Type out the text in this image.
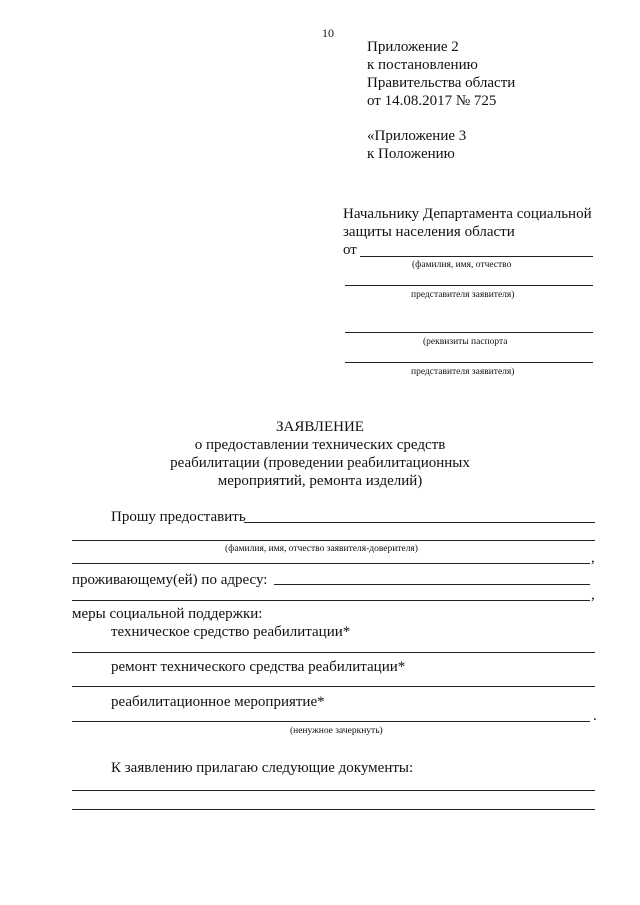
10
Приложение 2
к постановлению
Правительства области
от 14.08.2017 № 725
«Приложение 3
к Положению
Начальнику Департамента социальной
защиты населения области
от
(фамилия, имя, отчество
представителя заявителя)
(реквизиты паспорта
представителя заявителя)
ЗАЯВЛЕНИЕ
о предоставлении технических средств
реабилитации (проведении реабилитационных
мероприятий, ремонта изделий)
Прошу предоставить
(фамилия, имя, отчество заявителя-доверителя)
,
проживающему(ей) по адресу:
,
меры социальной поддержки:
техническое средство реабилитации*
ремонт технического средства реабилитации*
реабилитационное мероприятие*
.
(ненужное зачеркнуть)
К заявлению прилагаю следующие документы:
